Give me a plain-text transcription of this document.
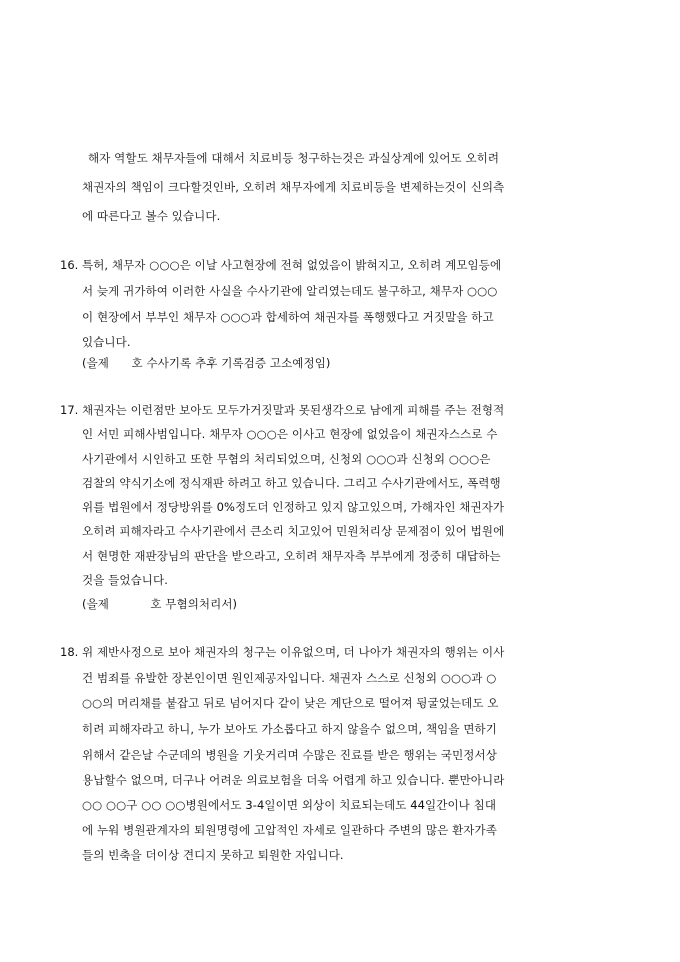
해자 역할도 채무자들에 대해서 치료비등 청구하는것은 과실상계에 있어도 오히려
채권자의 책임이 크다할것인바, 오히려 채무자에게 치료비등을 변제하는것이 신의측
에 따른다고 볼수 있습니다.
16. 특허, 채무자 ○○○은 이날 사고현장에 전혀 없었음이 밝혀지고, 오히려 계모임등에
서 늦게 귀가하여 이러한 사실을 수사기관에 알리였는데도 불구하고, 채무자 ○○○
이 현장에서 부부인 채무자 ○○○과 합세하여 채권자를 폭행했다고 거짓말을 하고
있습니다.
(을제      호 수사기록 추후 기록검증 고소예정임)
17. 채권자는 이런점만 보아도 모두가거짓말과 못된생각으로 남에게 피해를 주는 전형적
인 서민 피해사범입니다. 채무자 ○○○은 이사고 현장에 없었음이 채권자스스로 수
사기관에서 시인하고 또한 무혐의 처리되었으며, 신청외 ○○○과 신청외 ○○○은
검찰의 약식기소에 정식재판 하려고 하고 있습니다. 그리고 수사기관에서도, 폭력행
위를 법원에서 정당방위를 0%정도더 인정하고 있지 않고있으며, 가해자인 채권자가
오히려 피해자라고 수사기관에서 큰소리 치고있어 민원처리상 문제점이 있어 법원에
서 현명한 재판장님의 판단을 받으라고, 오히려 채무자측 부부에게 정중히 대답하는
것을 들었습니다.
(을제           호 무혐의처리서)
18. 위 제반사정으로 보아 채권자의 청구는 이유없으며, 더 나아가 채권자의 행위는 이사
건 범죄를 유발한 장본인이면 원인제공자입니다. 채권자 스스로 신청외 ○○○과 ○
○○의 머리채를 붙잡고 뒤로 넘어지다 같이 낮은 계단으로 떨어져 뒹굴었는데도 오
히려 피해자라고 하니, 누가 보아도 가소롭다고 하지 않을수 없으며, 책임을 면하기
위해서 같은날 수군데의 병원을 기웃거리며 수많은 진료를 받은 행위는 국민정서상
용납할수 없으며, 더구나 어려운 의료보험을 더욱 어렵게 하고 있습니다. 뿐만아니라
○○ ○○구 ○○ ○○병원에서도 3-4일이면 외상이 치료되는데도 44일간이나 침대
에 누워 병원관계자의 퇴원명령에 고압적인 자세로 일관하다 주변의 많은 환자가족
들의 빈축을 더이상 견디지 못하고 퇴원한 자입니다.
